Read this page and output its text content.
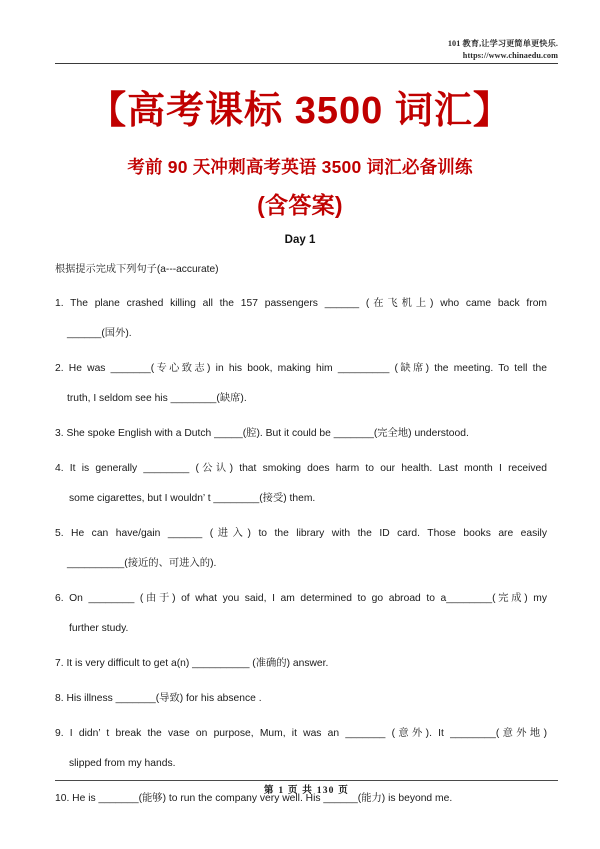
101 教育,让学习更简单更快乐.
https://www.chinaedu.com
【高考课标 3500 词汇】
考前 90 天冲刺高考英语 3500 词汇必备训练
(含答案)
Day 1
根据提示完成下列句子(a---accurate)
1. The plane crashed killing all the 157 passengers ______ (在飞机上) who came back from
______(国外).
2. He was _______(专心致志) in his book, making him _________ (缺席) the meeting. To tell the
truth, I seldom see his ________(缺席).
3. She spoke English with a Dutch _____(腔). But it could be _______(完全地) understood.
4. It is generally ________ (公认) that smoking does harm to our health. Last month I received
some cigarettes, but I wouldn’ t ________(接受) them.
5. He can have/gain ______ (进入) to the library with the ID card. Those books are easily
__________(接近的、可进入的).
6. On ________ (由于) of what you said, I am determined to go abroad to a________(完成) my
further study.
7. It is very difficult to get a(n) __________ (准确的) answer.
8. His illness _______(导致) for his absence .
9. I didn’ t break the vase on purpose, Mum, it was an _______ (意外). It ________(意外地)
slipped from my hands.
10. He is _______(能够) to run the company very well. His ______(能力) is beyond me.
第 1 页 共 130 页
